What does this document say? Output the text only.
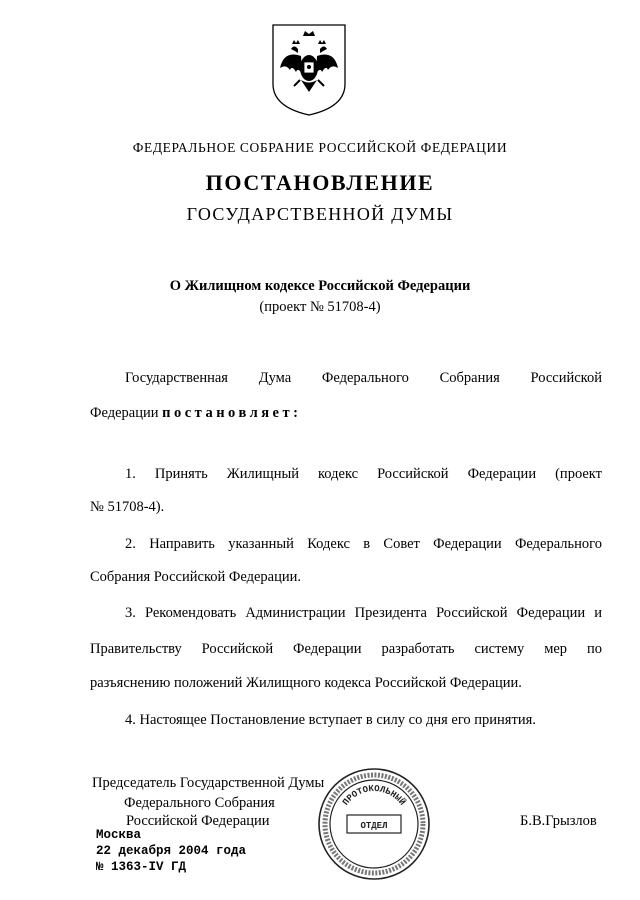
ФЕДЕРАЛЬНОЕ СОБРАНИЕ РОССИЙСКОЙ ФЕДЕРАЦИИ
ПОСТАНОВЛЕНИЕ
ГОСУДАРСТВЕННОЙ ДУМЫ
О Жилищном кодексе Российской Федерации
(проект № 51708-4)
Государственная Дума Федерального Собрания Российской
Федерации постановляет:
1. Принять Жилищный кодекс Российской Федерации (проект
№ 51708-4).
2. Направить указанный Кодекс в Совет Федерации Федерального
Собрания Российской Федерации.
3. Рекомендовать Администрации Президента Российской Федерации и
Правительству Российской Федерации разработать систему мер по
разъяснению положений Жилищного кодекса Российской Федерации.
4. Настоящее Постановление вступает в силу со дня его принятия.
Председатель Государственной Думы
Федерального Собрания
Российской Федерации	Б.В.Грызлов
ПРОТОКОЛЬНЫЙ
ОТДЕЛ
Москва
22 декабря 2004 года
№ 1363-IV ГД
